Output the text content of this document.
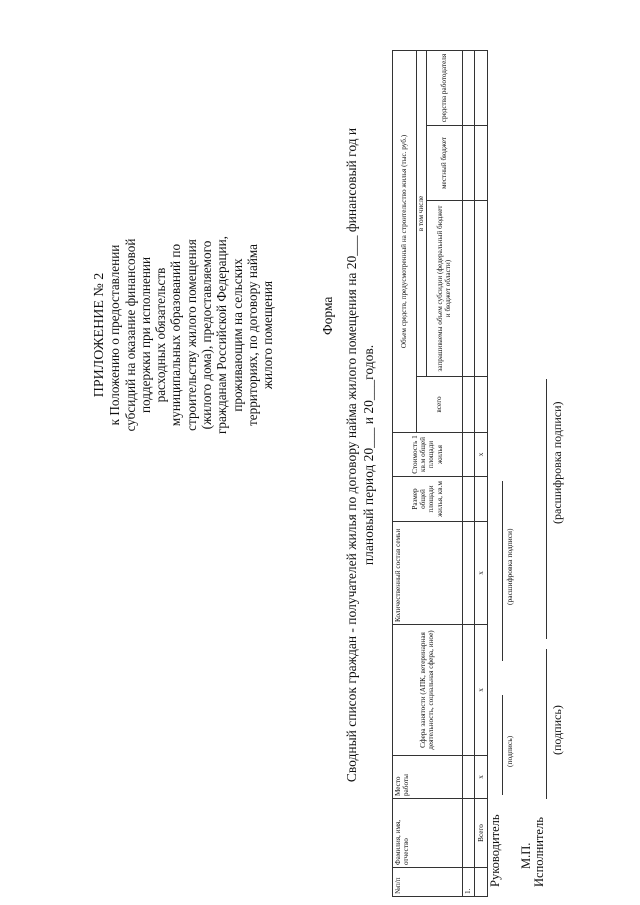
ПРИЛОЖЕНИЕ № 2 к Положению о предоставлении субсидий на оказание финансовой поддержки при исполнении расходных обязательств муниципальных образований по строительству жилого помещения (жилого дома), предоставляемого гражданам Российской Федерации, проживающим на сельских территориях, по договору найма жилого помещения	Форма Сводный список граждан - получателей жилья по договору найма жилого помещения на 20___ финансовый год и плановый период 20___ и 20___годов.
№п/п	Фамилия, имя, отчество	Место работы	Сфера занятости (АПК, ветеринарная деятельность, социальная сфера, иное)	Количественный состав семьи	Размер общей площади жилья, кв.м	Стоимость 1 кв.м общей площади жилья	Объем средств, предусмотренный на строительство жилья (тыс. руб.)			
							всего	в том числе		
								запрашиваемы объем субсидии (федеральный бюджет и бюджет области)	местный бюджет	средства работодателя
1.										
	Всего	х	х	х		х				
Руководитель
(подпись)
(расшифровка подписи)
М.П. Исполнитель
(подпись)
(расшифровка подписи)
